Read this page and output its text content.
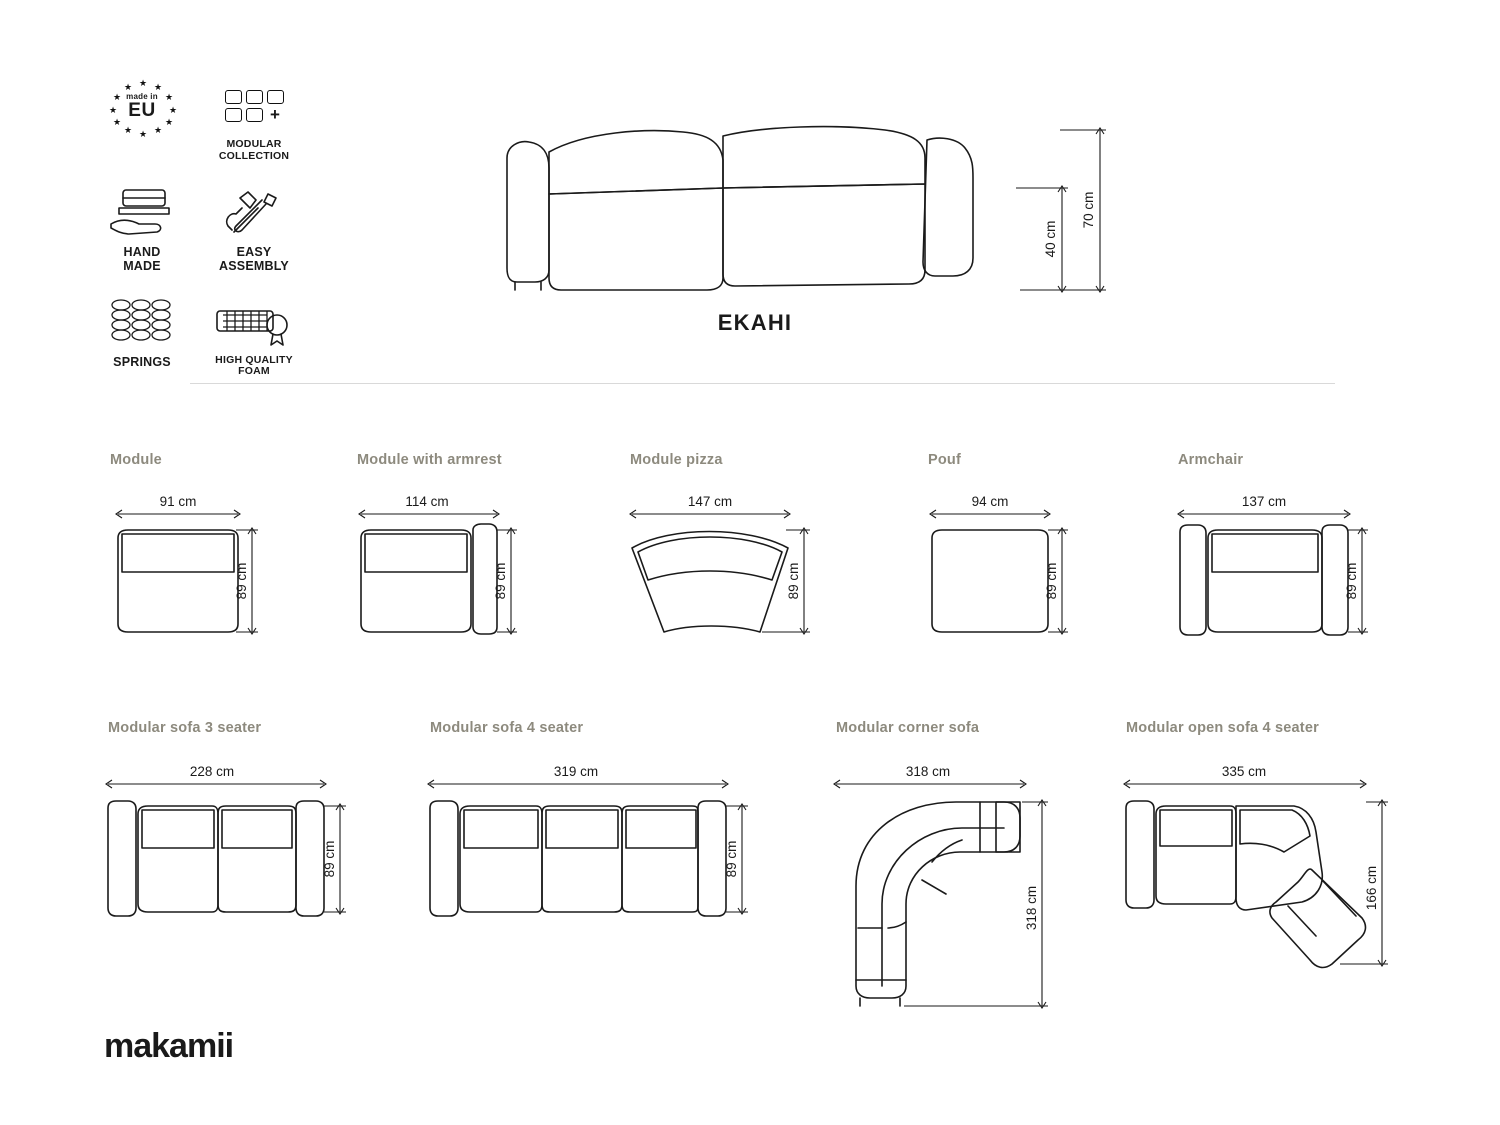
★
★ ★
★	★
★	★
★	★
★ ★
★
made in
EU	+
MODULAR
COLLECTION
HAND
MADE
EASY
ASSEMBLY
SPRINGS	HIGH QUALITY
FOAM
EKAHI
70 cm
40 cm
Module
91 cm
89 cm
Module with armrest
114 cm
89 cm
Module pizza
147 cm
89 cm
Pouf
94 cm
89 cm
Armchair
137 cm
89 cm
Modular sofa 3 seater
228 cm
89 cm
Modular sofa 4 seater
319 cm
89 cm
Modular corner sofa
318 cm
318 cm
Modular open sofa 4 seater
335 cm
166 cm
makamii
